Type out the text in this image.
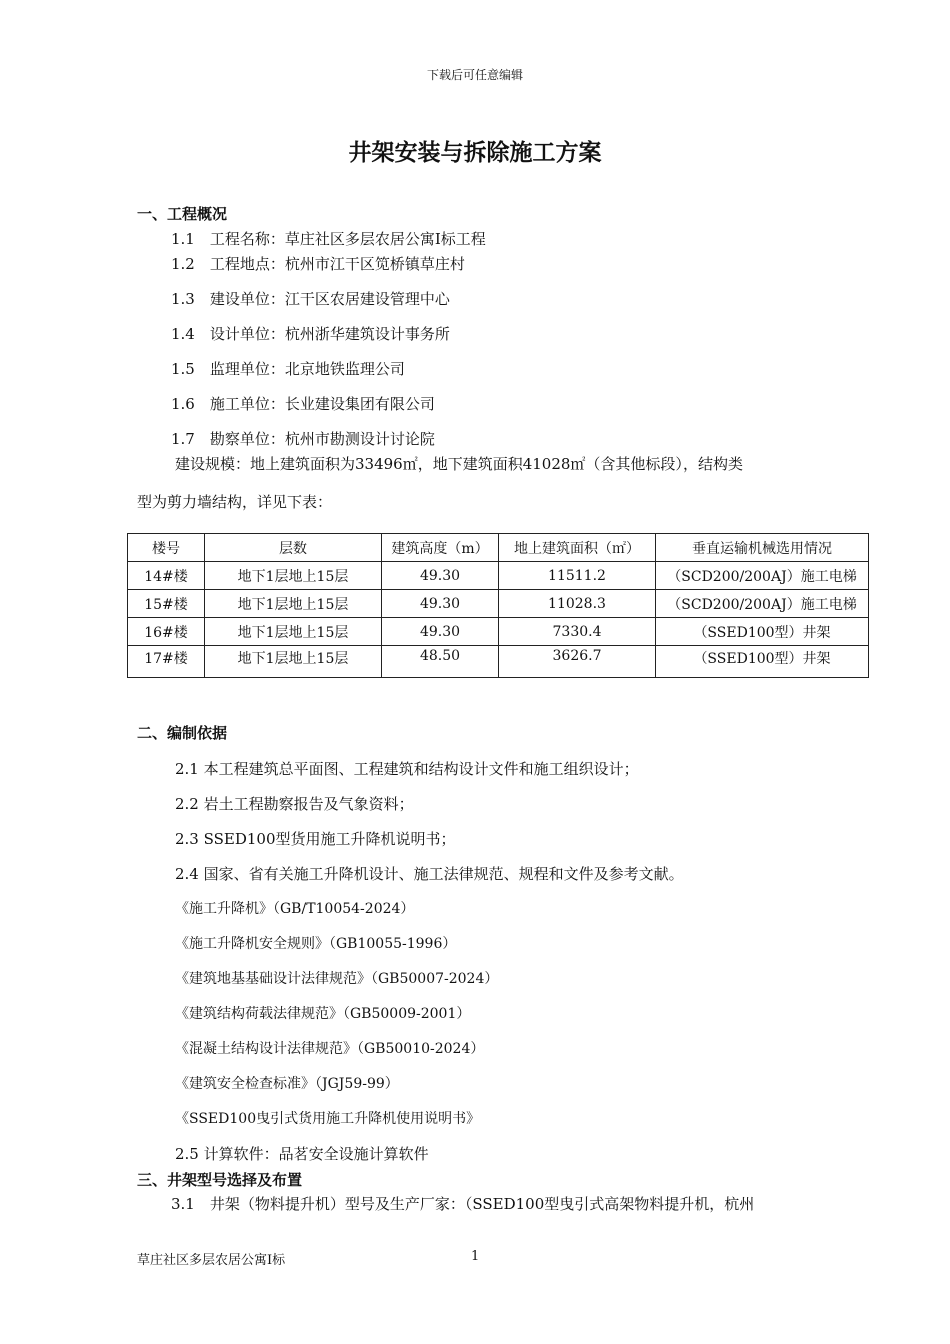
下载后可任意编辑
井架安装与拆除施工方案
一、工程概况
1.1　工程名称：草庄社区多层农居公寓Ⅰ标工程
1.2　工程地点：杭州市江干区笕桥镇草庄村
1.3　建设单位：江干区农居建设管理中心
1.4　设计单位：杭州浙华建筑设计事务所
1.5　监理单位：北京地铁监理公司
1.6　施工单位：长业建设集团有限公司
1.7　勘察单位：杭州市勘测设计讨论院
建设规模：地上建筑面积为33496㎡，地下建筑面积41028㎡（含其他标段），结构类
型为剪力墙结构，详见下表：
楼号	层数	建筑高度（m）	地上建筑面积（㎡）	垂直运输机械选用情况
14#楼	地下1层地上15层	49.30	11511.2	（SCD200/200AJ）施工电梯
15#楼	地下1层地上15层	49.30	11028.3	（SCD200/200AJ）施工电梯
16#楼	地下1层地上15层	49.30	7330.4	（SSED100型）井架
17#楼	地下1层地上15层	48.50	3626.7	（SSED100型）井架
二、编制依据
2.1 本工程建筑总平面图、工程建筑和结构设计文件和施工组织设计；
2.2 岩土工程勘察报告及气象资料；
2.3 SSED100型货用施工升降机说明书；
2.4 国家、省有关施工升降机设计、施工法律规范、规程和文件及参考文献。
《施工升降机》（GB/T10054-2024）
《施工升降机安全规则》（GB10055-1996）
《建筑地基基础设计法律规范》（GB50007-2024）
《建筑结构荷载法律规范》（GB50009-2001）
《混凝土结构设计法律规范》（GB50010-2024）
《建筑安全检查标准》（JGJ59-99）
《SSED100曳引式货用施工升降机使用说明书》
2.5 计算软件：品茗安全设施计算软件
三、井架型号选择及布置
3.1　井架（物料提升机）型号及生产厂家：（SSED100型曳引式高架物料提升机，杭州
草庄社区多层农居公寓Ⅰ标	1
